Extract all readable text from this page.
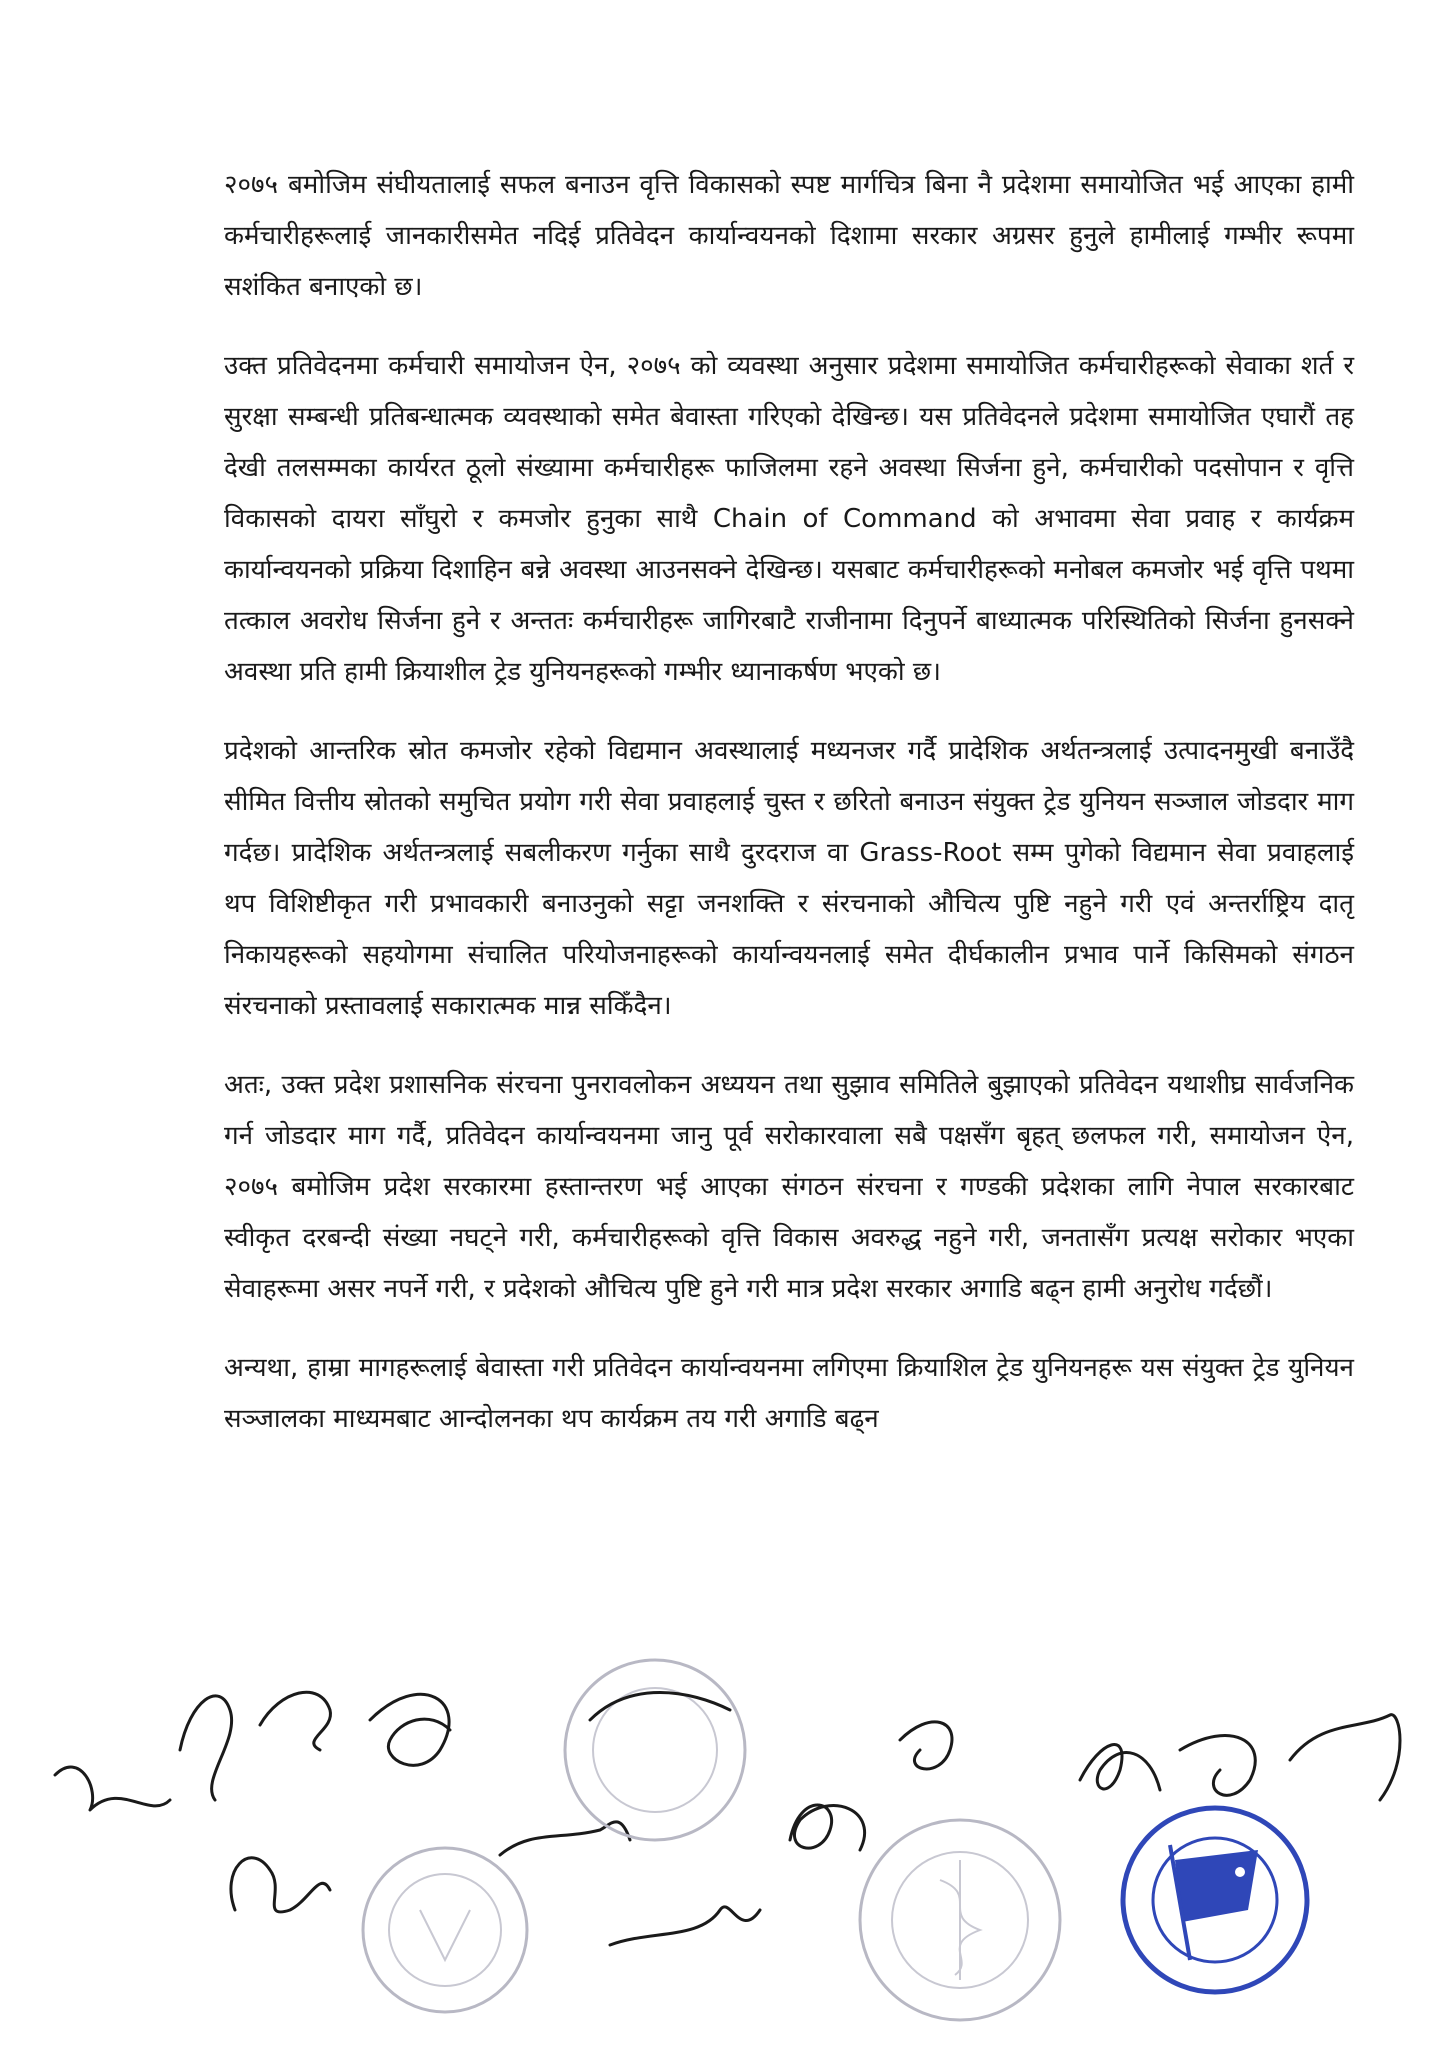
२०७५ बमोजिम संघीयतालाई सफल बनाउन वृत्ति विकासको स्पष्ट मार्गचित्र बिना नै प्रदेशमा समायोजित भई आएका हामी कर्मचारीहरूलाई जानकारीसमेत नदिई प्रतिवेदन कार्यान्वयनको दिशामा सरकार अग्रसर हुनुले हामीलाई गम्भीर रूपमा सशंकित बनाएको छ।

उक्त प्रतिवेदनमा कर्मचारी समायोजन ऐन, २०७५ को व्यवस्था अनुसार प्रदेशमा समायोजित कर्मचारीहरूको सेवाका शर्त र सुरक्षा सम्बन्धी प्रतिबन्धात्मक व्यवस्थाको समेत बेवास्ता गरिएको देखिन्छ। यस प्रतिवेदनले प्रदेशमा समायोजित एघारौं तह देखी तलसम्मका कार्यरत ठूलो संख्यामा कर्मचारीहरू फाजिलमा रहने अवस्था सिर्जना हुने, कर्मचारीको पदसोपान र वृत्ति विकासको दायरा साँघुरो र कमजोर हुनुका साथै Chain of Command को अभावमा सेवा प्रवाह र कार्यक्रम कार्यान्वयनको प्रक्रिया दिशाहिन बन्ने अवस्था आउनसक्ने देखिन्छ। यसबाट कर्मचारीहरूको मनोबल कमजोर भई वृत्ति पथमा तत्काल अवरोध सिर्जना हुने र अन्ततः कर्मचारीहरू जागिरबाटै राजीनामा दिनुपर्ने बाध्यात्मक परिस्थितिको सिर्जना हुनसक्ने अवस्था प्रति हामी क्रियाशील ट्रेड युनियनहरूको गम्भीर ध्यानाकर्षण भएको छ।

प्रदेशको आन्तरिक स्रोत कमजोर रहेको विद्यमान अवस्थालाई मध्यनजर गर्दै प्रादेशिक अर्थतन्त्रलाई उत्पादनमुखी बनाउँदै सीमित वित्तीय स्रोतको समुचित प्रयोग गरी सेवा प्रवाहलाई चुस्त र छरितो बनाउन संयुक्त ट्रेड युनियन सञ्जाल जोडदार माग गर्दछ। प्रादेशिक अर्थतन्त्रलाई सबलीकरण गर्नुका साथै दुरदराज वा Grass-Root सम्म पुगेको विद्यमान सेवा प्रवाहलाई थप विशिष्टीकृत गरी प्रभावकारी बनाउनुको सट्टा जनशक्ति र संरचनाको औचित्य पुष्टि नहुने गरी एवं अन्तर्राष्ट्रिय दातृ निकायहरूको सहयोगमा संचालित परियोजनाहरूको कार्यान्वयनलाई समेत दीर्घकालीन प्रभाव पार्ने किसिमको संगठन संरचनाको प्रस्तावलाई सकारात्मक मान्न सकिँदैन।

अतः, उक्त प्रदेश प्रशासनिक संरचना पुनरावलोकन अध्ययन तथा सुझाव समितिले बुझाएको प्रतिवेदन यथाशीघ्र सार्वजनिक गर्न जोडदार माग गर्दै, प्रतिवेदन कार्यान्वयनमा जानु पूर्व सरोकारवाला सबै पक्षसँग बृहत् छलफल गरी, समायोजन ऐन, २०७५ बमोजिम प्रदेश सरकारमा हस्तान्तरण भई आएका संगठन संरचना र गण्डकी प्रदेशका लागि नेपाल सरकारबाट स्वीकृत दरबन्दी संख्या नघट्ने गरी, कर्मचारीहरूको वृत्ति विकास अवरुद्ध नहुने गरी, जनतासँग प्रत्यक्ष सरोकार भएका सेवाहरूमा असर नपर्ने गरी, र प्रदेशको औचित्य पुष्टि हुने गरी मात्र प्रदेश सरकार अगाडि बढ्न हामी अनुरोध गर्दछौं।

अन्यथा, हाम्रा मागहरूलाई बेवास्ता गरी प्रतिवेदन कार्यान्वयनमा लगिएमा क्रियाशिल ट्रेड युनियनहरू यस संयुक्त ट्रेड युनियन सञ्जालका माध्यमबाट आन्दोलनका थप कार्यक्रम तय गरी अगाडि बढ्न
